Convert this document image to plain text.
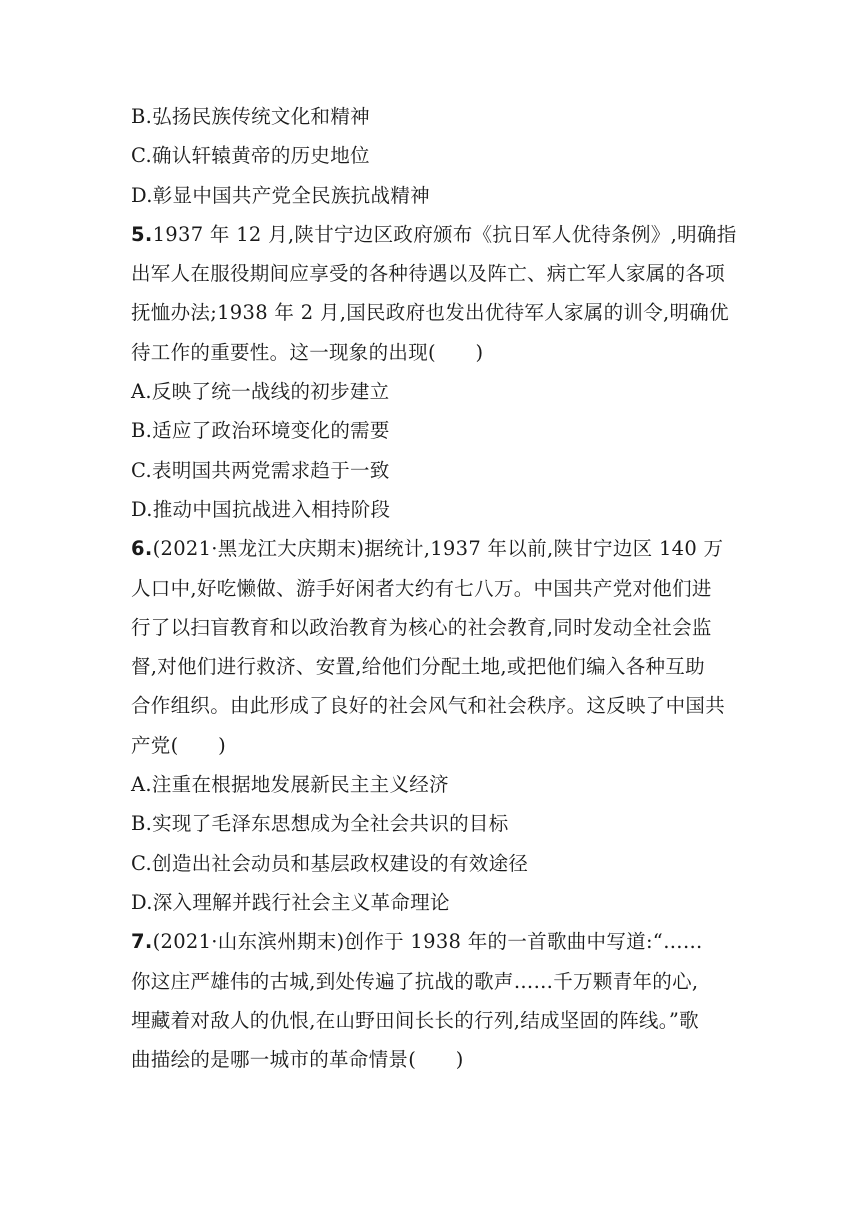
B.弘扬民族传统文化和精神
C.确认轩辕黄帝的历史地位
D.彰显中国共产党全民族抗战精神
5.1937 年 12 月,陕甘宁边区政府颁布《抗日军人优待条例》,明确指
出军人在服役期间应享受的各种待遇以及阵亡、病亡军人家属的各项
抚恤办法;1938 年 2 月,国民政府也发出优待军人家属的训令,明确优
待工作的重要性。这一现象的出现(　　)
A.反映了统一战线的初步建立
B.适应了政治环境变化的需要
C.表明国共两党需求趋于一致
D.推动中国抗战进入相持阶段
6.(2021·黑龙江大庆期末)据统计,1937 年以前,陕甘宁边区 140 万
人口中,好吃懒做、游手好闲者大约有七八万。中国共产党对他们进
行了以扫盲教育和以政治教育为核心的社会教育,同时发动全社会监
督,对他们进行救济、安置,给他们分配土地,或把他们编入各种互助
合作组织。由此形成了良好的社会风气和社会秩序。这反映了中国共
产党(　　)
A.注重在根据地发展新民主主义经济
B.实现了毛泽东思想成为全社会共识的目标
C.创造出社会动员和基层政权建设的有效途径
D.深入理解并践行社会主义革命理论
7.(2021·山东滨州期末)创作于 1938 年的一首歌曲中写道:“……
你这庄严雄伟的古城,到处传遍了抗战的歌声……千万颗青年的心,
埋藏着对敌人的仇恨,在山野田间长长的行列,结成坚固的阵线。”歌
曲描绘的是哪一城市的革命情景(　　)
